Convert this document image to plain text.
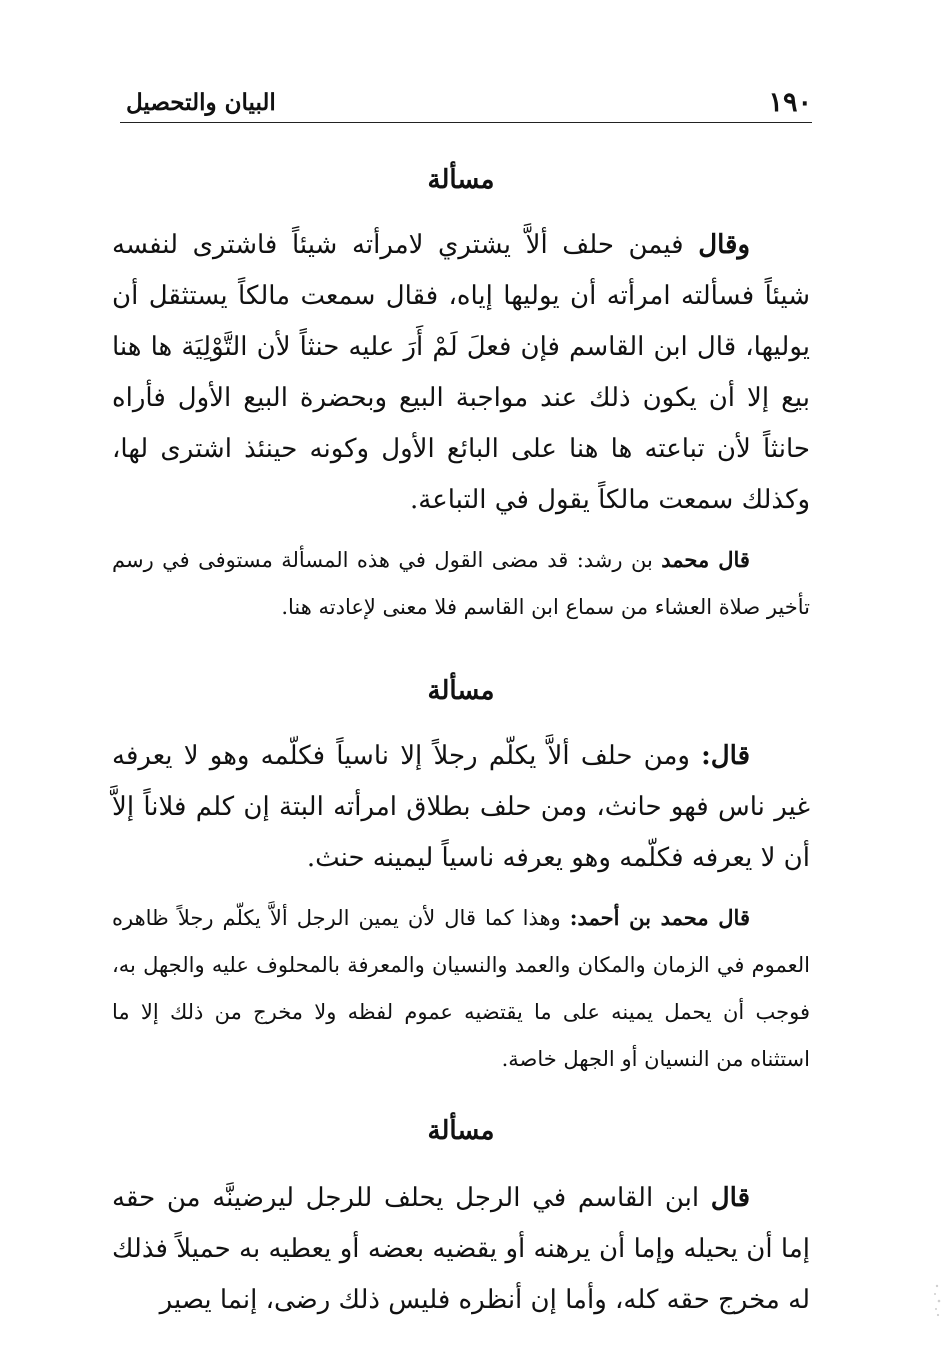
١٩٠
البيان والتحصيل
مسألة

وقال فيمن حلف ألاَّ يشتري لامرأته شيئاً فاشترى لنفسه شيئاً فسألته امرأته أن يوليها إياه، فقال سمعت مالكاً يستثقل أن يوليها، قال ابن القاسم فإن فعلَ لَمْ أَرَ عليه حنثاً لأن التَّوْلِيَة ها هنا بيع إلا أن يكون ذلك عند مواجبة البيع وبحضرة البيع الأول فأراه حانثاً لأن تباعته ها هنا على البائع الأول وكونه حينئذ اشترى لها، وكذلك سمعت مالكاً يقول في التباعة.

قال محمد بن رشد: قد مضى القول في هذه المسألة مستوفى في رسم تأخير صلاة العشاء من سماع ابن القاسم فلا معنى لإعادته هنا.

مسألة

قال: ومن حلف ألاَّ يكلّم رجلاً إلا ناسياً فكلّمه وهو لا يعرفه غير ناس فهو حانث، ومن حلف بطلاق امرأته البتة إن كلم فلاناً إلاَّ أن لا يعرفه فكلّمه وهو يعرفه ناسياً ليمينه حنث.

قال محمد بن أحمد: وهذا كما قال لأن يمين الرجل ألاَّ يكلّم رجلاً ظاهره العموم في الزمان والمكان والعمد والنسيان والمعرفة بالمحلوف عليه والجهل به، فوجب أن يحمل يمينه على ما يقتضيه عموم لفظه ولا مخرج من ذلك إلا ما استثناه من النسيان أو الجهل خاصة.

مسألة

قال ابن القاسم في الرجل يحلف للرجل ليرضينَّه من حقه إما أن يحيله وإما أن يرهنه أو يقضيه بعضه أو يعطيه به حميلاً فذلك له مخرج حقه كله، وأما إن أنظره فليس ذلك رضى، إنما يصير
